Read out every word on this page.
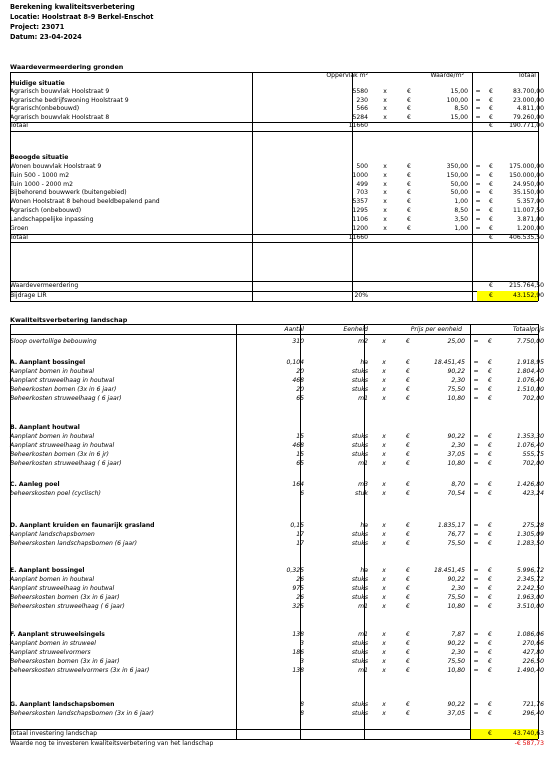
Berekening kwaliteitsverbetering
Locatie: Hoolstraat 8-9 Berkel-Enschot
Project: 23071
Datum: 23-04-2024
Waardevermeerdering gronden
Oppervlak m²	Waarde/m²	Totaal
Huidige situatie
Agrarisch bouwvlak Hoolstraat 9	5580	x	€	15,00 =	€	83.700,00
Agrarische bedrijfswoning Hoolstraat 9	230	x	€	100,00 =	€	23.000,00
Agrarisch(onbebouwd)	566	x	€	8,50 =	€	4.811,00
Agrarisch bouwvlak Hoolstraat 8	5284	x	€	15,00 =	€	79.260,00
Totaal	11660	€	190.771,00
Beoogde situatie
Wonen bouwvlak Hoolstraat 9	500	x	€	350,00 =	€	175.000,00
Tuin 500 - 1000 m2	1000	x	€	150,00 =	€	150.000,00
Tuin 1000 - 2000 m2	499	x	€	50,00 =	€	24.950,00
Bijbehorend bouwwerk (buitengebied)	703	x	€	50,00 =	€	35.150,00
Wonen Hoolstraat 8 behoud beeldbepalend pand	5357	x	€	1,00 =	€	5.357,00
Agrarisch (onbebouwd)	1295	x	€	8,50 =	€	11.007,50
Landschappelijke inpassing	1106	x	€	3,50 =	€	3.871,00
Groen	1200	x	€	1,00 =	€	1.200,00
Totaal	11660	€	406.535,50
Waardevermeerdering	€	215.764,50
Bijdrage LIR	20%	€	43.152,90
Kwaliteitsverbetering landschap
Aantal	Eenheid	Prijs per eenheid	Totaalprijs
Sloop overtollige bebouwing	310	m2	x	€	25,00 =	€	7.750,00
A. Aanplant bossingel	0,104	ha	x	€	18.451,45 =	€	1.918,95
Aanplant bomen in houtwal	20	stuks	x	€	90,22 =	€	1.804,40
Aanplant struweelhaag in houtwal	468	stuks	x	€	2,30 =	€	1.076,40
Beheerkosten bomen (3x in 6 jaar)	20	stuks	x	€	75,50 =	€	1.510,00
Beheerkosten struweelhaag ( 6 jaar)	65	m1	x	€	10,80 =	€	702,00
B. Aanplant houtwal
Aanplant bomen in houtwal	15	stuks	x	€	90,22 =	€	1.353,30
Aanplant struweelhaag in houtwal	468	stuks	x	€	2,30 =	€	1.076,40
Beheerkosten bomen (3x in 6 jr)	15	stuks	x	€	37,05 =	€	555,75
Beheerkosten struweelhaag ( 6 jaar)	65	m1	x	€	10,80 =	€	702,00
C. Aanleg poel	164	m3	x	€	8,70 =	€	1.426,80
beheerskosten poel (cyclisch)	6	stuk	x	€	70,54 =	€	423,24
D. Aanplant kruiden en faunarijk grasland	0,15	ha	x	€	1.835,17 =	€	275,28
Aanplant landschapsbomen	17	stuks	x	€	76,77 =	€	1.305,09
Beheerskosten landschapsbomen (6 jaar)	17	stuks	x	€	75,50 =	€	1.283,50
E. Aanplant bossingel	0,325	ha	x	€	18.451,45 =	€	5.996,72
Aanplant bomen in houtwal	26	stuks	x	€	90,22 =	€	2.345,72
Aanplant struweelhaag in houtwal	975	stuks	x	€	2,30 =	€	2.242,50
Beheerskosten bomen (3x in 6 jaar)	26	stuks	x	€	75,50 =	€	1.963,00
Beheerskosten struweelhaag ( 6 jaar)	325	m1	x	€	10,80 =	€	3.510,00
F. Aanplant struweelsingels	138	m1	x	€	7,87 =	€	1.086,06
Aanplant bomen in struweel	3	stuks	x	€	90,22 =	€	270,66
Aanplant struweelvormers	186	stuks	x	€	2,30 =	€	427,80
Beheerskosten bomen (3x in 6 jaar)	3	stuks	x	€	75,50 =	€	226,50
beheerskosten struweelvormers (3x in 6 jaar)	138	m1	x	€	10,80 =	€	1.490,40
G. Aanplant landschapsbomen	8	stuks	x	€	90,22 =	€	721,76
Beheerskosten landschapsbomen (3x in 6 jaar)	8	stuks	x	€	37,05 =	€	296,40
Totaal investering landschap	€	43.740,63
Waarde nog te investeren kwaliteitsverbetering van het landschap	-€ 587,73
